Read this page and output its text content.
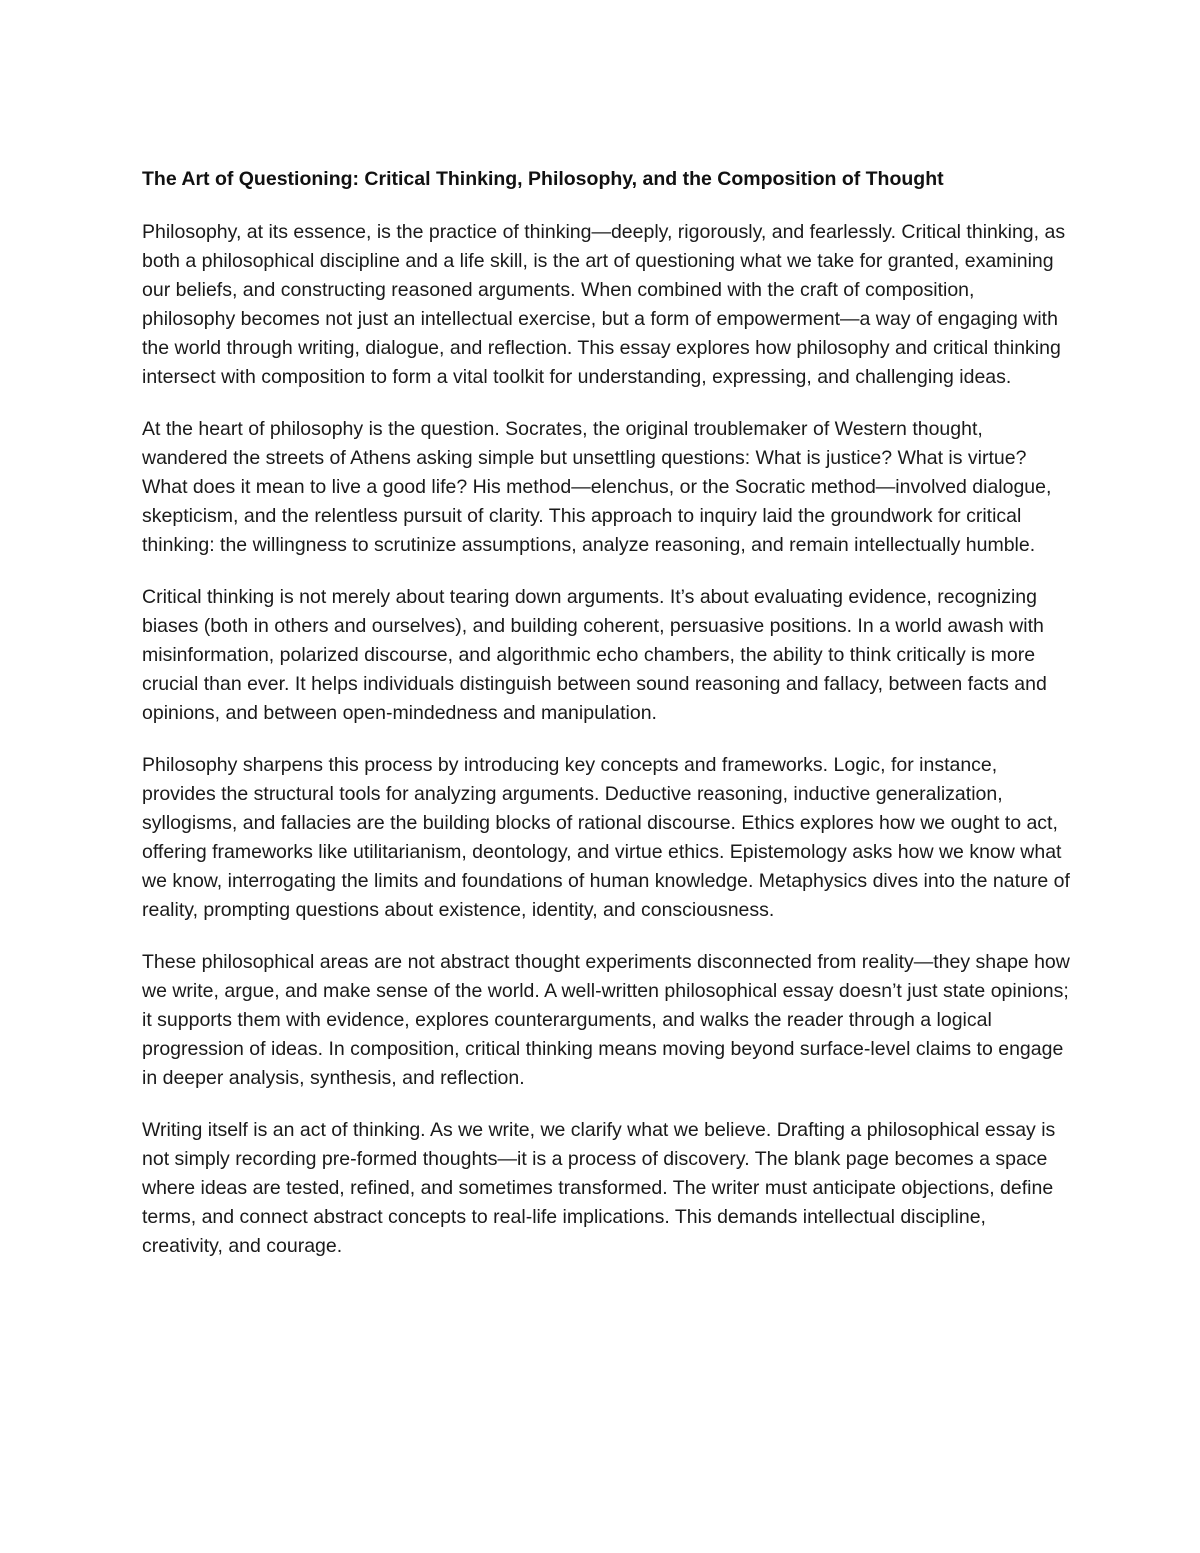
The Art of Questioning: Critical Thinking, Philosophy, and the Composition of Thought

Philosophy, at its essence, is the practice of thinking—deeply, rigorously, and fearlessly. Critical thinking, as both a philosophical discipline and a life skill, is the art of questioning what we take for granted, examining our beliefs, and constructing reasoned arguments. When combined with the craft of composition, philosophy becomes not just an intellectual exercise, but a form of empowerment—a way of engaging with the world through writing, dialogue, and reflection. This essay explores how philosophy and critical thinking intersect with composition to form a vital toolkit for understanding, expressing, and challenging ideas.

At the heart of philosophy is the question. Socrates, the original troublemaker of Western thought, wandered the streets of Athens asking simple but unsettling questions: What is justice? What is virtue? What does it mean to live a good life? His method—elenchus, or the Socratic method—involved dialogue, skepticism, and the relentless pursuit of clarity. This approach to inquiry laid the groundwork for critical thinking: the willingness to scrutinize assumptions, analyze reasoning, and remain intellectually humble.

Critical thinking is not merely about tearing down arguments. It’s about evaluating evidence, recognizing biases (both in others and ourselves), and building coherent, persuasive positions. In a world awash with misinformation, polarized discourse, and algorithmic echo chambers, the ability to think critically is more crucial than ever. It helps individuals distinguish between sound reasoning and fallacy, between facts and opinions, and between open-mindedness and manipulation.

Philosophy sharpens this process by introducing key concepts and frameworks. Logic, for instance, provides the structural tools for analyzing arguments. Deductive reasoning, inductive generalization, syllogisms, and fallacies are the building blocks of rational discourse. Ethics explores how we ought to act, offering frameworks like utilitarianism, deontology, and virtue ethics. Epistemology asks how we know what we know, interrogating the limits and foundations of human knowledge. Metaphysics dives into the nature of reality, prompting questions about existence, identity, and consciousness.

These philosophical areas are not abstract thought experiments disconnected from reality—they shape how we write, argue, and make sense of the world. A well-written philosophical essay doesn’t just state opinions; it supports them with evidence, explores counterarguments, and walks the reader through a logical progression of ideas. In composition, critical thinking means moving beyond surface-level claims to engage in deeper analysis, synthesis, and reflection.

Writing itself is an act of thinking. As we write, we clarify what we believe. Drafting a philosophical essay is not simply recording pre-formed thoughts—it is a process of discovery. The blank page becomes a space where ideas are tested, refined, and sometimes transformed. The writer must anticipate objections, define terms, and connect abstract concepts to real-life implications. This demands intellectual discipline, creativity, and courage.
